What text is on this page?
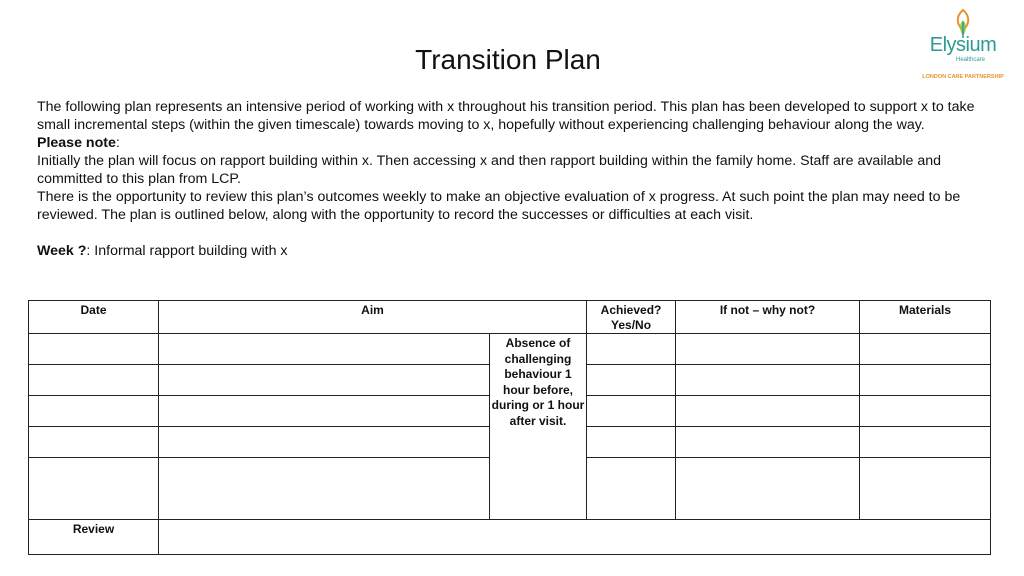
Elysium
Healthcare
LONDON CARE PARTNERSHIP
Transition Plan

The following plan represents an intensive period of working with x throughout his transition period. This plan has been developed to support x to take small incremental steps (within the given timescale) towards moving to x, hopefully without experiencing challenging behaviour along the way.

Please note:

Initially the plan will focus on rapport building within x. Then accessing x and then rapport building within the family home. Staff are available and committed to this plan from LCP.

There is the opportunity to review this plan’s outcomes weekly to make an objective evaluation of x progress. At such point the plan may need to be reviewed. The plan is outlined below, along with the opportunity to record the successes or difficulties at each visit.

Week ?: Informal rapport building with x

Date	Aim		Achieved? Yes/No	If not – why not?	Materials
		Absence of challenging behaviour 1 hour before, during or 1 hour after visit.			

Review					
